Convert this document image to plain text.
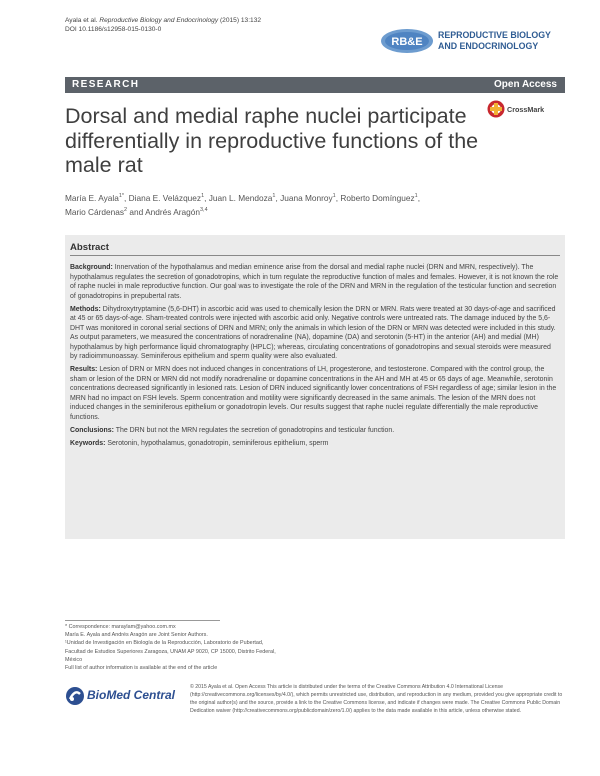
Ayala et al. Reproductive Biology and Endocrinology (2015) 13:132
DOI 10.1186/s12958-015-0130-0
RB&E
REPRODUCTIVE BIOLOGY
AND ENDOCRINOLOGY
RESEARCH	Open Access
Dorsal and medial raphe nuclei participate differentially in reproductive functions of the male rat
CrossMark
María E. Ayala$^{1*}$, Diana E. Velázquez$^1$, Juan L. Mendoza$^1$, Juana Monroy$^1$, Roberto Domínguez$^1$,
Mario Cárdenas$^2$ and Andrés Aragón$^{3,4}$
Abstract

Background: Innervation of the hypothalamus and median eminence arise from the dorsal and medial raphe nuclei (DRN and MRN, respectively). The hypothalamus regulates the secretion of gonadotropins, which in turn regulate the reproductive function of males and females. However, it is not known the role of raphe nuclei in male reproductive function. Our goal was to investigate the role of the DRN and MRN in the regulation of the testicular function and secretion of gonadotropins in prepubertal rats.

Methods: Dihydroxytryptamine (5,6-DHT) in ascorbic acid was used to chemically lesion the DRN or MRN. Rats were treated at 30 days-of-age and sacrificed at 45 or 65 days-of-age. Sham-treated controls were injected with ascorbic acid only. Negative controls were untreated rats. The damage induced by the 5,6-DHT was monitored in coronal serial sections of DRN and MRN; only the animals in which lesion of the DRN or MRN was detected were included in this study. As output parameters, we measured the concentrations of noradrenaline (NA), dopamine (DA) and serotonin (5-HT) in the anterior (AH) and medial (MH) hypothalamus by high performance liquid chromatography (HPLC); whereas, circulating concentrations of gonadotropins and sexual steroids were measured by radioimmunoassay. Seminiferous epithelium and sperm quality were also evaluated.

Results: Lesion of DRN or MRN does not induced changes in concentrations of LH, progesterone, and testosterone. Compared with the control group, the sham or lesion of the DRN or MRN did not modify noradrenaline or dopamine concentrations in the AH and MH at 45 or 65 days of age. Meanwhile, serotonin concentrations decreased significantly in lesioned rats. Lesion of DRN induced significantly lower concentrations of FSH regardless of age; similar lesion in the MRN had no impact on FSH levels. Sperm concentration and motility were significantly decreased in the same animals. The lesion of the MRN does not induced changes in the seminiferous epithelium or gonadotropin levels. Our results suggest that raphe nuclei regulate differentially the male reproductive functions.

Conclusions: The DRN but not the MRN regulates the secretion of gonadotropins and testicular function.

Keywords: Serotonin, hypothalamus, gonadotropin, seminiferous epithelium, sperm

* Correspondence: maraylam@yahoo.com.mx
María E. Ayala and Andrés Aragón are Joint Senior Authors.
¹Unidad de Investigación en Biología de la Reproducción, Laboratorio de Pubertad, Facultad de Estudios Superiores Zaragoza, UNAM AP 9020, CP 15000, Distrito Federal, México
Full list of author information is available at the end of the article
BioMed Central
© 2015 Ayala et al. Open Access This article is distributed under the terms of the Creative Commons Attribution 4.0 International License (http://creativecommons.org/licenses/by/4.0/), which permits unrestricted use, distribution, and reproduction in any medium, provided you give appropriate credit to the original author(s) and the source, provide a link to the Creative Commons license, and indicate if changes were made. The Creative Commons Public Domain Dedication waiver (http://creativecommons.org/publicdomain/zero/1.0/) applies to the data made available in this article, unless otherwise stated.
